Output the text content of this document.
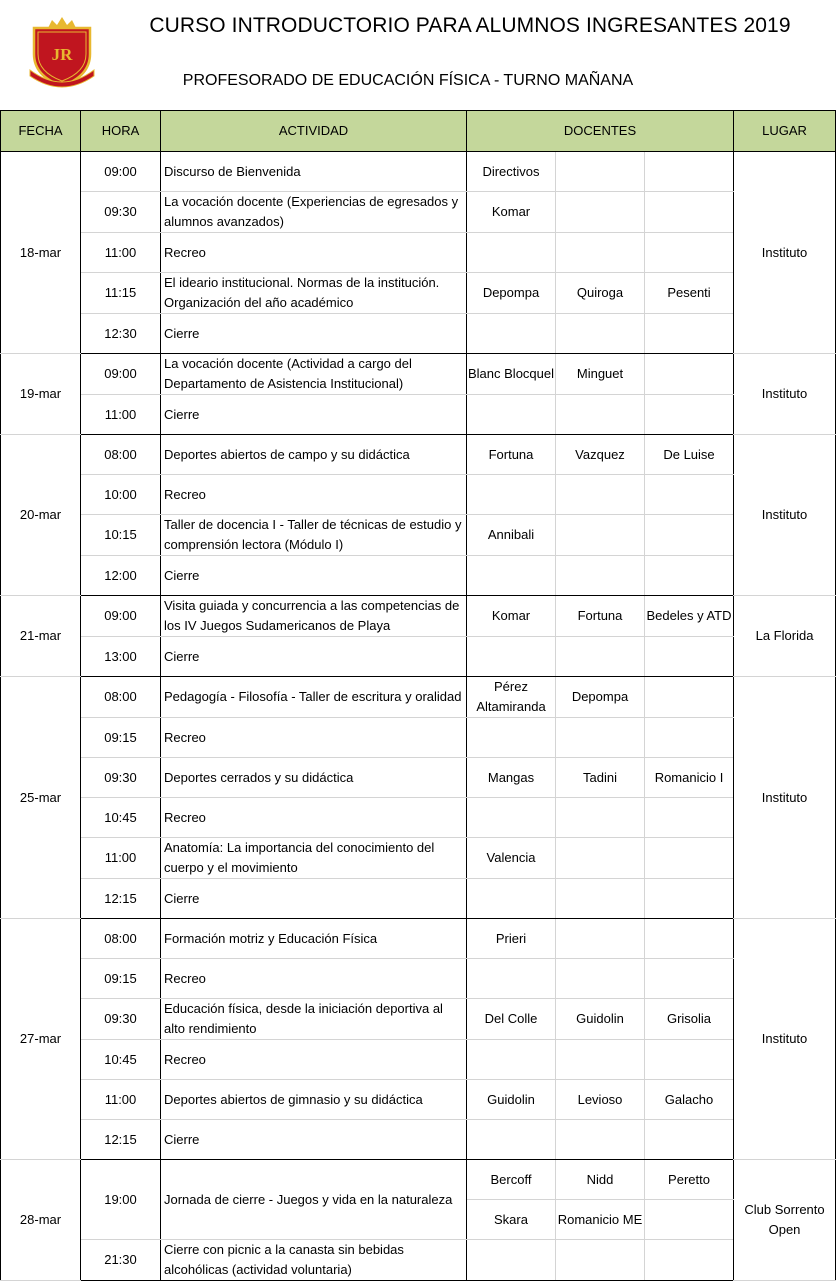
JR
CURSO INTRODUCTORIO PARA ALUMNOS INGRESANTES 2019
PROFESORADO DE EDUCACIÓN FÍSICA - TURNO MAÑANA
FECHA	HORA	ACTIVIDAD	DOCENTES			LUGAR
18-mar	09:00	Discurso de Bienvenida	Directivos			Instituto
	09:30	La vocación docente (Experiencias de egresados y alumnos avanzados)	Komar			
	11:00	Recreo				
	11:15	El ideario institucional. Normas de la institución. Organización del año académico	Depompa	Quiroga	Pesenti	
	12:30	Cierre				
19-mar	09:00	La vocación docente (Actividad a cargo del Departamento de Asistencia Institucional)	Blanc Blocquel	Minguet		Instituto
	11:00	Cierre				
20-mar	08:00	Deportes abiertos de campo y su didáctica	Fortuna	Vazquez	De Luise	Instituto
	10:00	Recreo				
	10:15	Taller de docencia I - Taller de técnicas de estudio y comprensión lectora (Módulo I)	Annibali			
	12:00	Cierre				
21-mar	09:00	Visita guiada y concurrencia a las competencias de los IV Juegos Sudamericanos de Playa	Komar	Fortuna	Bedeles y ATD	La Florida
	13:00	Cierre				
25-mar	08:00	Pedagogía - Filosofía - Taller de escritura y oralidad	Pérez Altamiranda	Depompa		Instituto
	09:15	Recreo				
	09:30	Deportes cerrados y su didáctica	Mangas	Tadini	Romanicio I	
	10:45	Recreo				
	11:00	Anatomía: La importancia del conocimiento del cuerpo y el movimiento	Valencia			
	12:15	Cierre				
27-mar	08:00	Formación motriz y Educación Física	Prieri			Instituto
	09:15	Recreo				
	09:30	Educación física, desde la iniciación deportiva al alto rendimiento	Del Colle	Guidolin	Grisolia	
	10:45	Recreo				
	11:00	Deportes abiertos de gimnasio y su didáctica	Guidolin	Levioso	Galacho	
	12:15	Cierre				
28-mar	19:00	Jornada de cierre - Juegos y vida en la naturaleza	Bercoff	Nidd	Peretto	Club Sorrento Open
			Skara	Romanicio ME		
	21:30	Cierre con picnic a la canasta sin bebidas alcohólicas (actividad voluntaria)				
